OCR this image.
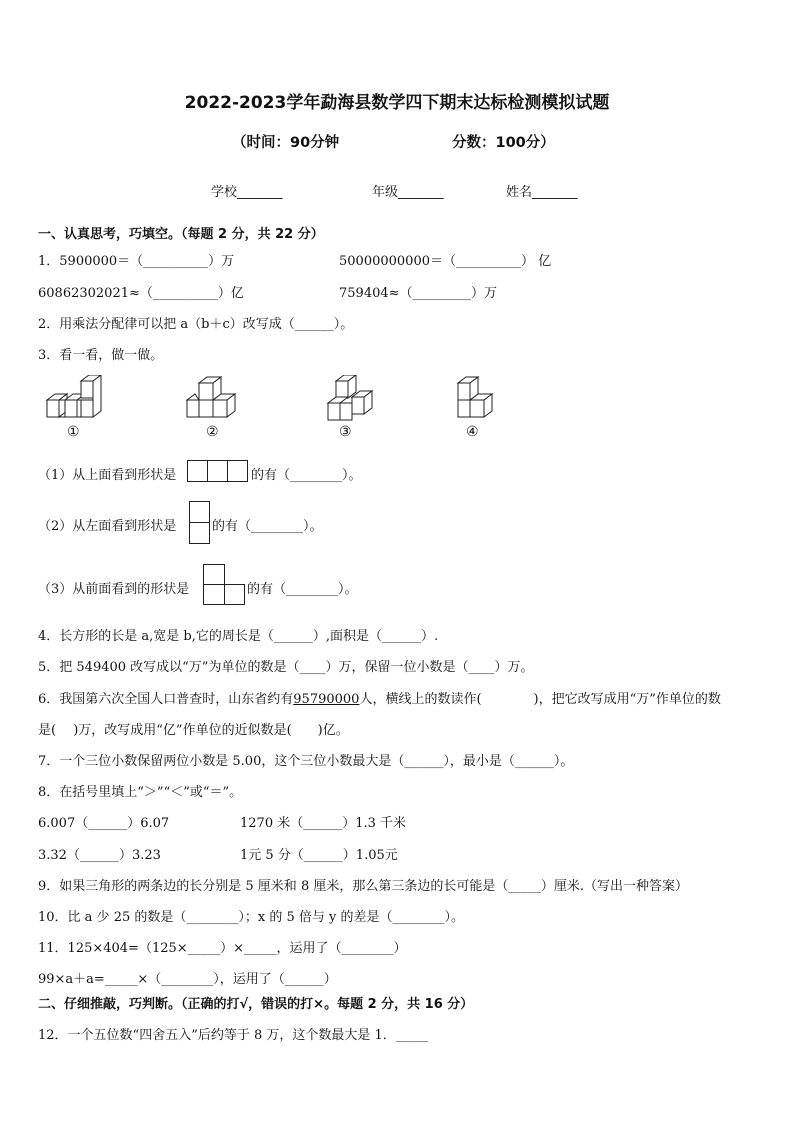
2022-2023学年勐海县数学四下期末达标检测模拟试题
（时间：90分钟	分数：100分）
学校_______	年级_______	姓名_______
一、认真思考，巧填空。（每题 2 分，共 22 分）
1．5900000＝（__________）万	50000000000＝（__________） 亿
60862302021≈（__________）亿	759404≈（_________）万
2．用乘法分配律可以把 a（b＋c）改写成（______）。
3．看一看，做一做。
①	②	③	④
（1）从上面看到形状是	的有（________）。
（2）从左面看到形状是	的有（________）。
（3）从前面看到的形状是	的有（________）。
4．长方形的长是 a,宽是 b,它的周长是（______）,面积是（______）.
5．把 549400 改写成以“万”为单位的数是（____）万，保留一位小数是（____）万。
6．我国第六次全国人口普查时，山东省约有95790000人，横线上的数读作(　　　　)，把它改写成用“万”作单位的数
是(　 )万，改写成用“亿”作单位的近似数是(　　)亿。
7．一个三位小数保留两位小数是 5.00，这个三位小数最大是（______），最小是（______）。
8．在括号里填上“＞”“＜”或“＝”。
6.007（______）6.07	1270 米（______）1.3 千米
3.32（______）3.23	1元 5 分（______）1.05元
9．如果三角形的两条边的长分别是 5 厘米和 8 厘米，那么第三条边的长可能是（_____）厘米.（写出一种答案）
10．比 a 少 25 的数是（________）；x 的 5 倍与 y 的差是（________）。
11．125×404=（125×_____）×_____，运用了（________）
99×a＋a=_____×（________），运用了（______）
二、仔细推敲，巧判断。（正确的打√，错误的打×。每题 2 分，共 16 分）
12．一个五位数“四舍五入”后约等于 8 万，这个数最大是 1．_____
